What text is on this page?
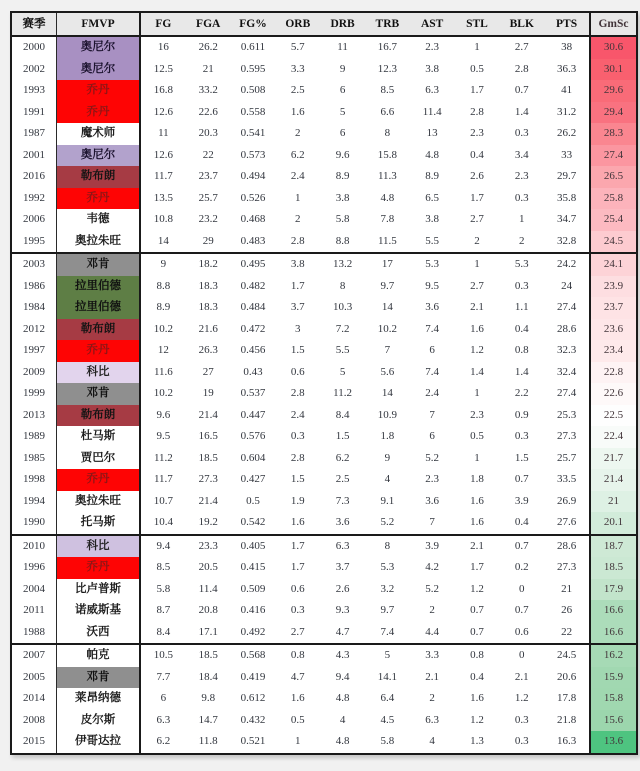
赛季	FMVP	FG	FGA	FG%	ORB	DRB	TRB	AST	STL	BLK	PTS	GmSc
2000	奥尼尔	16	26.2	0.611	5.7	11	16.7	2.3	1	2.7	38	30.6
2002	奥尼尔	12.5	21	0.595	3.3	9	12.3	3.8	0.5	2.8	36.3	30.1
1993	乔丹	16.8	33.2	0.508	2.5	6	8.5	6.3	1.7	0.7	41	29.6
1991	乔丹	12.6	22.6	0.558	1.6	5	6.6	11.4	2.8	1.4	31.2	29.4
1987	魔术师	11	20.3	0.541	2	6	8	13	2.3	0.3	26.2	28.3
2001	奥尼尔	12.6	22	0.573	6.2	9.6	15.8	4.8	0.4	3.4	33	27.4
2016	勒布朗	11.7	23.7	0.494	2.4	8.9	11.3	8.9	2.6	2.3	29.7	26.5
1992	乔丹	13.5	25.7	0.526	1	3.8	4.8	6.5	1.7	0.3	35.8	25.8
2006	韦德	10.8	23.2	0.468	2	5.8	7.8	3.8	2.7	1	34.7	25.4
1995	奥拉朱旺	14	29	0.483	2.8	8.8	11.5	5.5	2	2	32.8	24.5
2003	邓肯	9	18.2	0.495	3.8	13.2	17	5.3	1	5.3	24.2	24.1
1986	拉里伯德	8.8	18.3	0.482	1.7	8	9.7	9.5	2.7	0.3	24	23.9
1984	拉里伯德	8.9	18.3	0.484	3.7	10.3	14	3.6	2.1	1.1	27.4	23.7
2012	勒布朗	10.2	21.6	0.472	3	7.2	10.2	7.4	1.6	0.4	28.6	23.6
1997	乔丹	12	26.3	0.456	1.5	5.5	7	6	1.2	0.8	32.3	23.4
2009	科比	11.6	27	0.43	0.6	5	5.6	7.4	1.4	1.4	32.4	22.8
1999	邓肯	10.2	19	0.537	2.8	11.2	14	2.4	1	2.2	27.4	22.6
2013	勒布朗	9.6	21.4	0.447	2.4	8.4	10.9	7	2.3	0.9	25.3	22.5
1989	杜马斯	9.5	16.5	0.576	0.3	1.5	1.8	6	0.5	0.3	27.3	22.4
1985	贾巴尔	11.2	18.5	0.604	2.8	6.2	9	5.2	1	1.5	25.7	21.7
1998	乔丹	11.7	27.3	0.427	1.5	2.5	4	2.3	1.8	0.7	33.5	21.4
1994	奥拉朱旺	10.7	21.4	0.5	1.9	7.3	9.1	3.6	1.6	3.9	26.9	21
1990	托马斯	10.4	19.2	0.542	1.6	3.6	5.2	7	1.6	0.4	27.6	20.1
2010	科比	9.4	23.3	0.405	1.7	6.3	8	3.9	2.1	0.7	28.6	18.7
1996	乔丹	8.5	20.5	0.415	1.7	3.7	5.3	4.2	1.7	0.2	27.3	18.5
2004	比卢普斯	5.8	11.4	0.509	0.6	2.6	3.2	5.2	1.2	0	21	17.9
2011	诺威斯基	8.7	20.8	0.416	0.3	9.3	9.7	2	0.7	0.7	26	16.6
1988	沃西	8.4	17.1	0.492	2.7	4.7	7.4	4.4	0.7	0.6	22	16.6
2007	帕克	10.5	18.5	0.568	0.8	4.3	5	3.3	0.8	0	24.5	16.2
2005	邓肯	7.7	18.4	0.419	4.7	9.4	14.1	2.1	0.4	2.1	20.6	15.9
2014	莱昂纳德	6	9.8	0.612	1.6	4.8	6.4	2	1.6	1.2	17.8	15.8
2008	皮尔斯	6.3	14.7	0.432	0.5	4	4.5	6.3	1.2	0.3	21.8	15.6
2015	伊哥达拉	6.2	11.8	0.521	1	4.8	5.8	4	1.3	0.3	16.3	13.6
